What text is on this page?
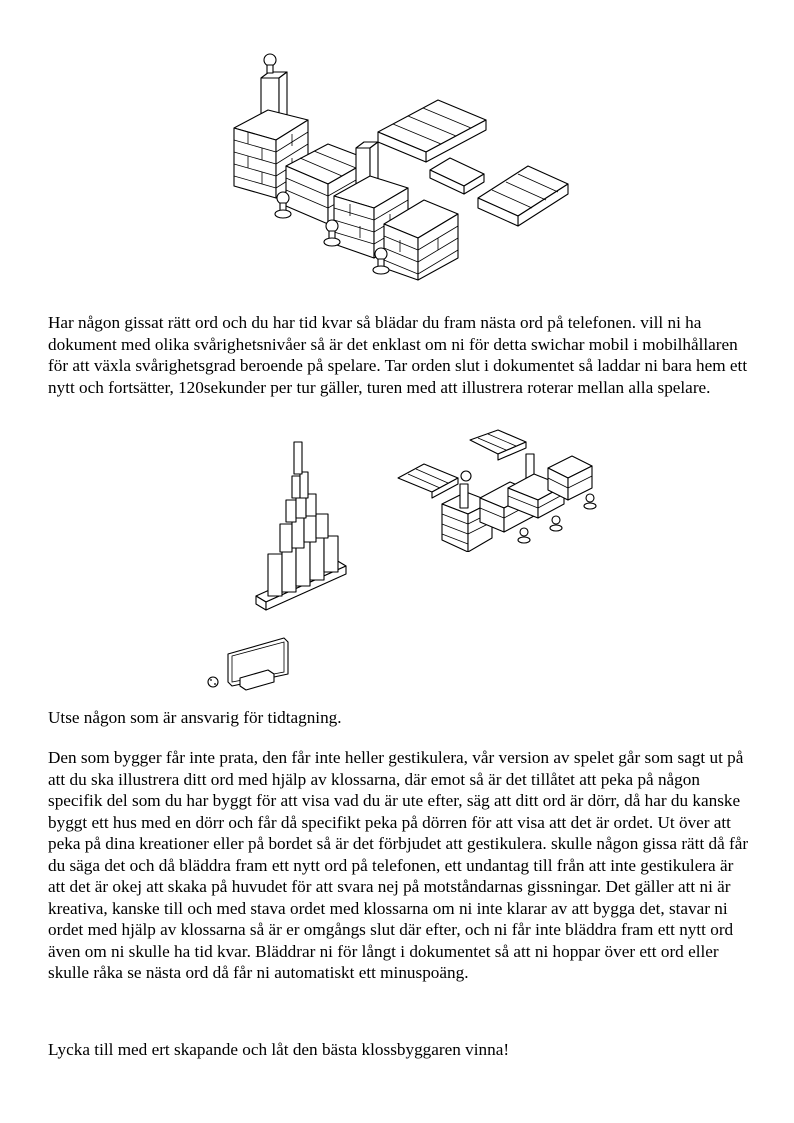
Har någon gissat rätt ord och du har tid kvar så blädar du fram nästa ord på telefonen. vill ni ha dokument med olika svårighetsnivåer så är det enklast om ni för detta swichar mobil i mobilhållaren för att växla svårighetsgrad beroende på spelare. Tar orden slut i dokumentet så laddar ni bara hem ett nytt och fortsätter, 120sekunder per tur gäller, turen med att illustrera roterar mellan alla spelare.

Utse någon som är ansvarig för tidtagning.

Den som bygger får inte prata, den får inte heller gestikulera, vår version av spelet går som sagt ut på att du ska illustrera ditt ord med hjälp av klossarna, där emot så är det tillåtet att peka på någon specifik del som du har byggt för att visa vad du är ute efter, säg att ditt ord är dörr, då har du kanske byggt ett hus med en dörr och får då specifikt peka på dörren för att visa att det är ordet. Ut över att peka på dina kreationer eller på bordet så är det förbjudet att gestikulera. skulle någon gissa rätt då får du säga det och då bläddra fram ett nytt ord på telefonen, ett undantag till från att inte gestikulera är att det är okej att skaka på huvudet för att svara nej på motståndarnas gissningar. Det gäller att ni är kreativa, kanske till och med stava ordet med klossarna om ni inte klarar av att bygga det, stavar ni ordet med hjälp av klossarna så är er omgångs slut där efter, och ni får inte bläddra fram ett nytt ord även om ni skulle ha tid kvar. Bläddrar ni för långt i dokumentet så att ni hoppar över ett ord eller skulle råka se nästa ord då får ni automatiskt ett minuspoäng.

Lycka till med ert skapande och låt den bästa klossbyggaren vinna!
